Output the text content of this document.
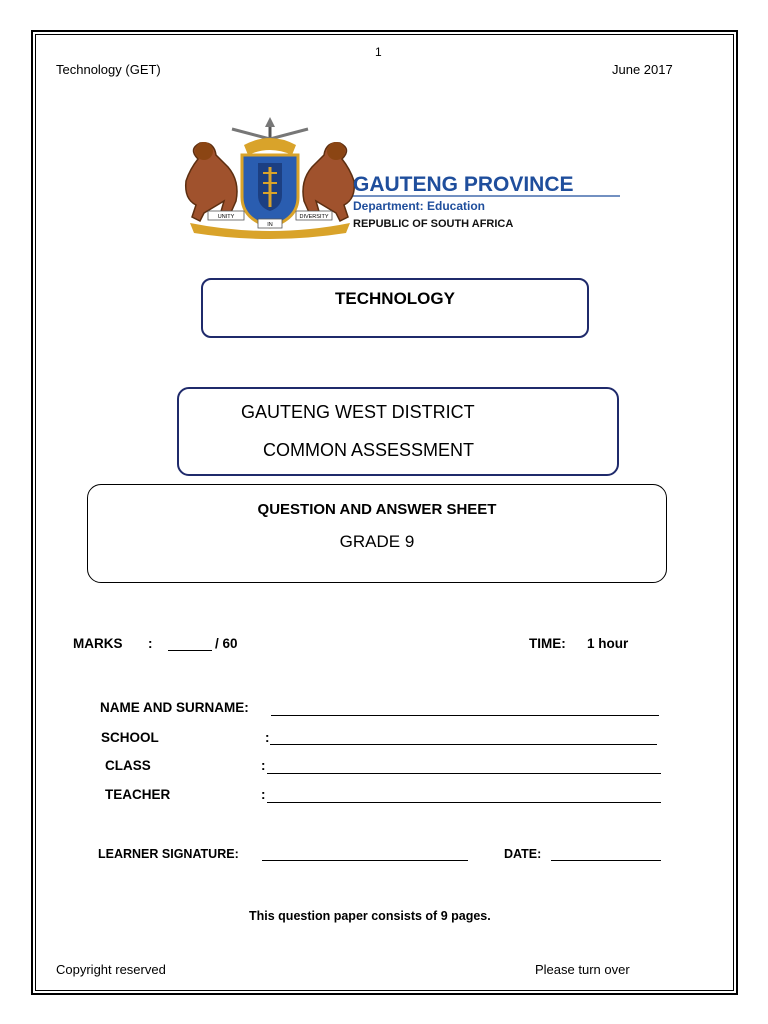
1
Technology (GET)	June 2017
UNITY
IN
DIVERSITY
GAUTENG PROVINCE
Department: Education
REPUBLIC OF SOUTH AFRICA
TECHNOLOGY
GAUTENG WEST DISTRICT
COMMON ASSESSMENT
QUESTION AND ANSWER SHEET
GRADE 9
MARKS :	/ 60	TIME: 1 hour
NAME AND SURNAME:
SCHOOL	:
CLASS	:
TEACHER	:
LEARNER SIGNATURE:	DATE:
This question paper consists of 9 pages.
Copyright reserved	Please turn over
